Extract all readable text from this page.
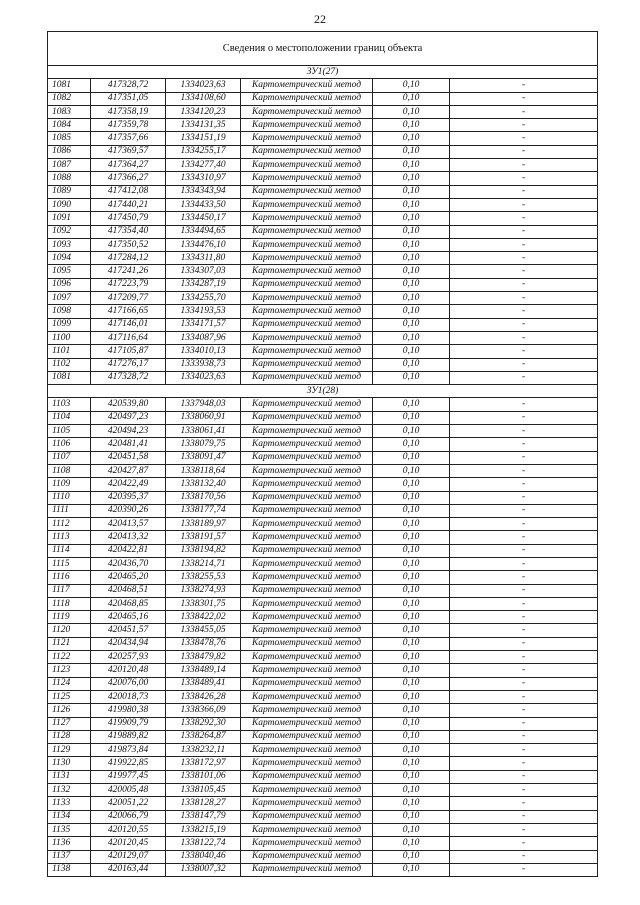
22
Сведения о местоположении границ объекта					
ЗУ1(27)					
1081	417328,72	1334023,63	Картометрический метод	0,10	-
1082	417351,05	1334108,60	Картометрический метод	0,10	-
1083	417358,19	1334120,23	Картометрический метод	0,10	-
1084	417359,78	1334131,35	Картометрический метод	0,10	-
1085	417357,66	1334151,19	Картометрический метод	0,10	-
1086	417369,57	1334255,17	Картометрический метод	0,10	-
1087	417364,27	1334277,40	Картометрический метод	0,10	-
1088	417366,27	1334310,97	Картометрический метод	0,10	-
1089	417412,08	1334343,94	Картометрический метод	0,10	-
1090	417440,21	1334433,50	Картометрический метод	0,10	-
1091	417450,79	1334450,17	Картометрический метод	0,10	-
1092	417354,40	1334494,65	Картометрический метод	0,10	-
1093	417350,52	1334476,10	Картометрический метод	0,10	-
1094	417284,12	1334311,80	Картометрический метод	0,10	-
1095	417241,26	1334307,03	Картометрический метод	0,10	-
1096	417223,79	1334287,19	Картометрический метод	0,10	-
1097	417209,77	1334255,70	Картометрический метод	0,10	-
1098	417166,65	1334193,53	Картометрический метод	0,10	-
1099	417146,01	1334171,57	Картометрический метод	0,10	-
1100	417116,64	1334087,96	Картометрический метод	0,10	-
1101	417105,87	1334010,13	Картометрический метод	0,10	-
1102	417276,17	1333938,73	Картометрический метод	0,10	-
1081	417328,72	1334023,63	Картометрический метод	0,10	-
ЗУ1(28)					
1103	420539,80	1337948,03	Картометрический метод	0,10	-
1104	420497,23	1338060,91	Картометрический метод	0,10	-
1105	420494,23	1338061,41	Картометрический метод	0,10	-
1106	420481,41	1338079,75	Картометрический метод	0,10	-
1107	420451,58	1338091,47	Картометрический метод	0,10	-
1108	420427,87	1338118,64	Картометрический метод	0,10	-
1109	420422,49	1338132,40	Картометрический метод	0,10	-
1110	420395,37	1338170,56	Картометрический метод	0,10	-
1111	420390,26	1338177,74	Картометрический метод	0,10	-
1112	420413,57	1338189,97	Картометрический метод	0,10	-
1113	420413,32	1338191,57	Картометрический метод	0,10	-
1114	420422,81	1338194,82	Картометрический метод	0,10	-
1115	420436,70	1338214,71	Картометрический метод	0,10	-
1116	420465,20	1338255,53	Картометрический метод	0,10	-
1117	420468,51	1338274,93	Картометрический метод	0,10	-
1118	420468,85	1338301,75	Картометрический метод	0,10	-
1119	420465,16	1338422,02	Картометрический метод	0,10	-
1120	420451,57	1338455,05	Картометрический метод	0,10	-
1121	420434,94	1338478,76	Картометрический метод	0,10	-
1122	420257,93	1338479,82	Картометрический метод	0,10	-
1123	420120,48	1338489,14	Картометрический метод	0,10	-
1124	420076,00	1338489,41	Картометрический метод	0,10	-
1125	420018,73	1338426,28	Картометрический метод	0,10	-
1126	419980,38	1338366,09	Картометрический метод	0,10	-
1127	419909,79	1338292,30	Картометрический метод	0,10	-
1128	419889,82	1338264,87	Картометрический метод	0,10	-
1129	419873,84	1338232,11	Картометрический метод	0,10	-
1130	419922,85	1338172,97	Картометрический метод	0,10	-
1131	419977,45	1338101,06	Картометрический метод	0,10	-
1132	420005,48	1338105,45	Картометрический метод	0,10	-
1133	420051,22	1338128,27	Картометрический метод	0,10	-
1134	420066,79	1338147,79	Картометрический метод	0,10	-
1135	420120,55	1338215,19	Картометрический метод	0,10	-
1136	420120,45	1338122,74	Картометрический метод	0,10	-
1137	420129,07	1338040,46	Картометрический метод	0,10	-
1138	420163,44	1338007,32	Картометрический метод	0,10	-
